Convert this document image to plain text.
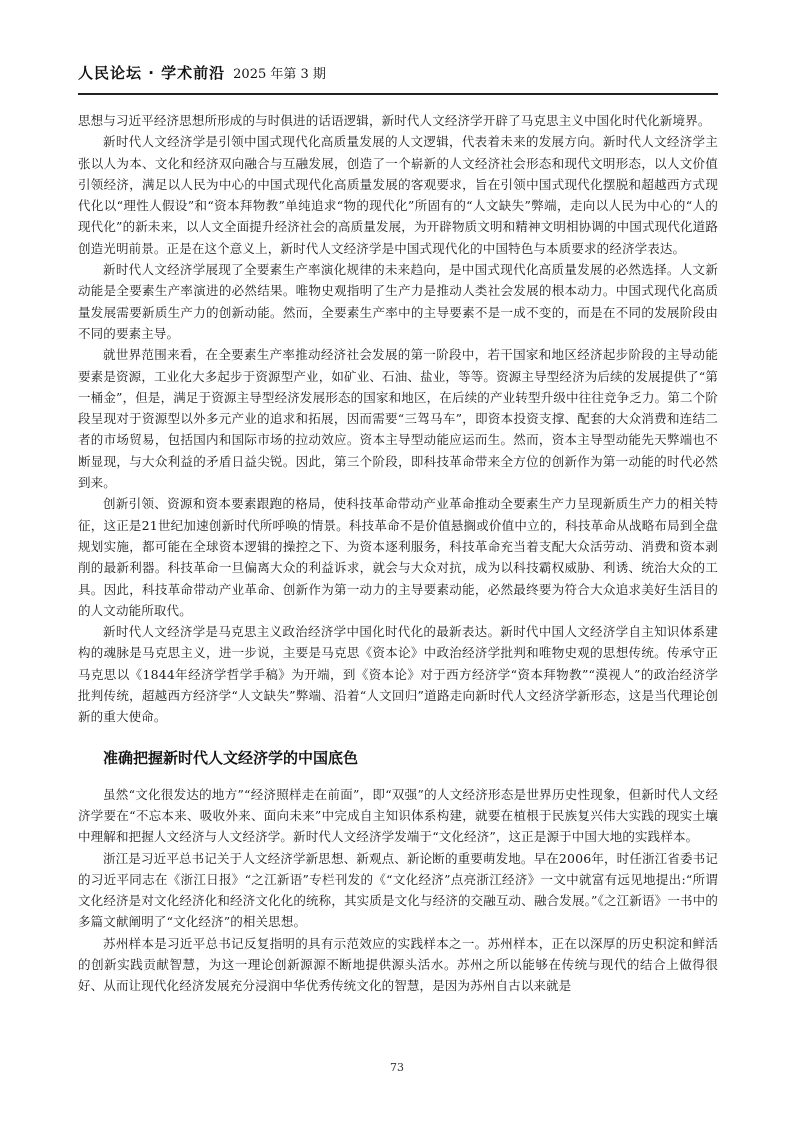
人民论坛 · 学术前沿 2025 年第 3 期

思想与习近平经济思想所形成的与时俱进的话语逻辑，新时代人文经济学开辟了马克思主义中国化时代化新境界。

新时代人文经济学是引领中国式现代化高质量发展的人文逻辑，代表着未来的发展方向。新时代人文经济学主张以人为本、文化和经济双向融合与互融发展，创造了一个崭新的人文经济社会形态和现代文明形态，以人文价值引领经济，满足以人民为中心的中国式现代化高质量发展的客观要求，旨在引领中国式现代化摆脱和超越西方式现代化以“理性人假设”和“资本拜物教”单纯追求“物的现代化”所固有的“人文缺失”弊端，走向以人民为中心的“人的现代化”的新未来，以人文全面提升经济社会的高质量发展，为开辟物质文明和精神文明相协调的中国式现代化道路创造光明前景。正是在这个意义上，新时代人文经济学是中国式现代化的中国特色与本质要求的经济学表达。

新时代人文经济学展现了全要素生产率演化规律的未来趋向，是中国式现代化高质量发展的必然选择。人文新动能是全要素生产率演进的必然结果。唯物史观指明了生产力是推动人类社会发展的根本动力。中国式现代化高质量发展需要新质生产力的创新动能。然而，全要素生产率中的主导要素不是一成不变的，而是在不同的发展阶段由不同的要素主导。

就世界范围来看，在全要素生产率推动经济社会发展的第一阶段中，若干国家和地区经济起步阶段的主导动能要素是资源，工业化大多起步于资源型产业，如矿业、石油、盐业，等等。资源主导型经济为后续的发展提供了“第一桶金”，但是，满足于资源主导型经济发展形态的国家和地区，在后续的产业转型升级中往往竞争乏力。第二个阶段呈现对于资源型以外多元产业的追求和拓展，因而需要“三驾马车”，即资本投资支撑、配套的大众消费和连结二者的市场贸易，包括国内和国际市场的拉动效应。资本主导型动能应运而生。然而，资本主导型动能先天弊端也不断显现，与大众利益的矛盾日益尖锐。因此，第三个阶段，即科技革命带来全方位的创新作为第一动能的时代必然到来。

创新引领、资源和资本要素跟跑的格局，使科技革命带动产业革命推动全要素生产力呈现新质生产力的相关特征，这正是21世纪加速创新时代所呼唤的情景。科技革命不是价值悬搁或价值中立的，科技革命从战略布局到全盘规划实施，都可能在全球资本逻辑的操控之下、为资本逐利服务，科技革命充当着支配大众活劳动、消费和资本剥削的最新利器。科技革命一旦偏离大众的利益诉求，就会与大众对抗，成为以科技霸权威胁、利诱、统治大众的工具。因此，科技革命带动产业革命、创新作为第一动力的主导要素动能，必然最终要为符合大众追求美好生活目的的人文动能所取代。

新时代人文经济学是马克思主义政治经济学中国化时代化的最新表达。新时代中国人文经济学自主知识体系建构的魂脉是马克思主义，进一步说，主要是马克思《资本论》中政治经济学批判和唯物史观的思想传统。传承守正马克思以《1844年经济学哲学手稿》为开端，到《资本论》对于西方经济学“资本拜物教”“漠视人”的政治经济学批判传统，超越西方经济学“人文缺失”弊端、沿着“人文回归”道路走向新时代人文经济学新形态，这是当代理论创新的重大使命。

准确把握新时代人文经济学的中国底色

虽然“文化很发达的地方”“经济照样走在前面”，即“双强”的人文经济形态是世界历史性现象，但新时代人文经济学要在“不忘本来、吸收外来、面向未来”中完成自主知识体系构建，就要在植根于民族复兴伟大实践的现实土壤中理解和把握人文经济与人文经济学。新时代人文经济学发端于“文化经济”，这正是源于中国大地的实践样本。

浙江是习近平总书记关于人文经济学新思想、新观点、新论断的重要萌发地。早在2006年，时任浙江省委书记的习近平同志在《浙江日报》“之江新语”专栏刊发的《“文化经济”点亮浙江经济》一文中就富有远见地提出:“所谓文化经济是对文化经济化和经济文化化的统称，其实质是文化与经济的交融互动、融合发展。”《之江新语》一书中的多篇文献阐明了“文化经济”的相关思想。

苏州样本是习近平总书记反复指明的具有示范效应的实践样本之一。苏州样本，正在以深厚的历史积淀和鲜活的创新实践贡献智慧，为这一理论创新源源不断地提供源头活水。苏州之所以能够在传统与现代的结合上做得很好、从而让现代化经济发展充分浸润中华优秀传统文化的智慧，是因为苏州自古以来就是

73
